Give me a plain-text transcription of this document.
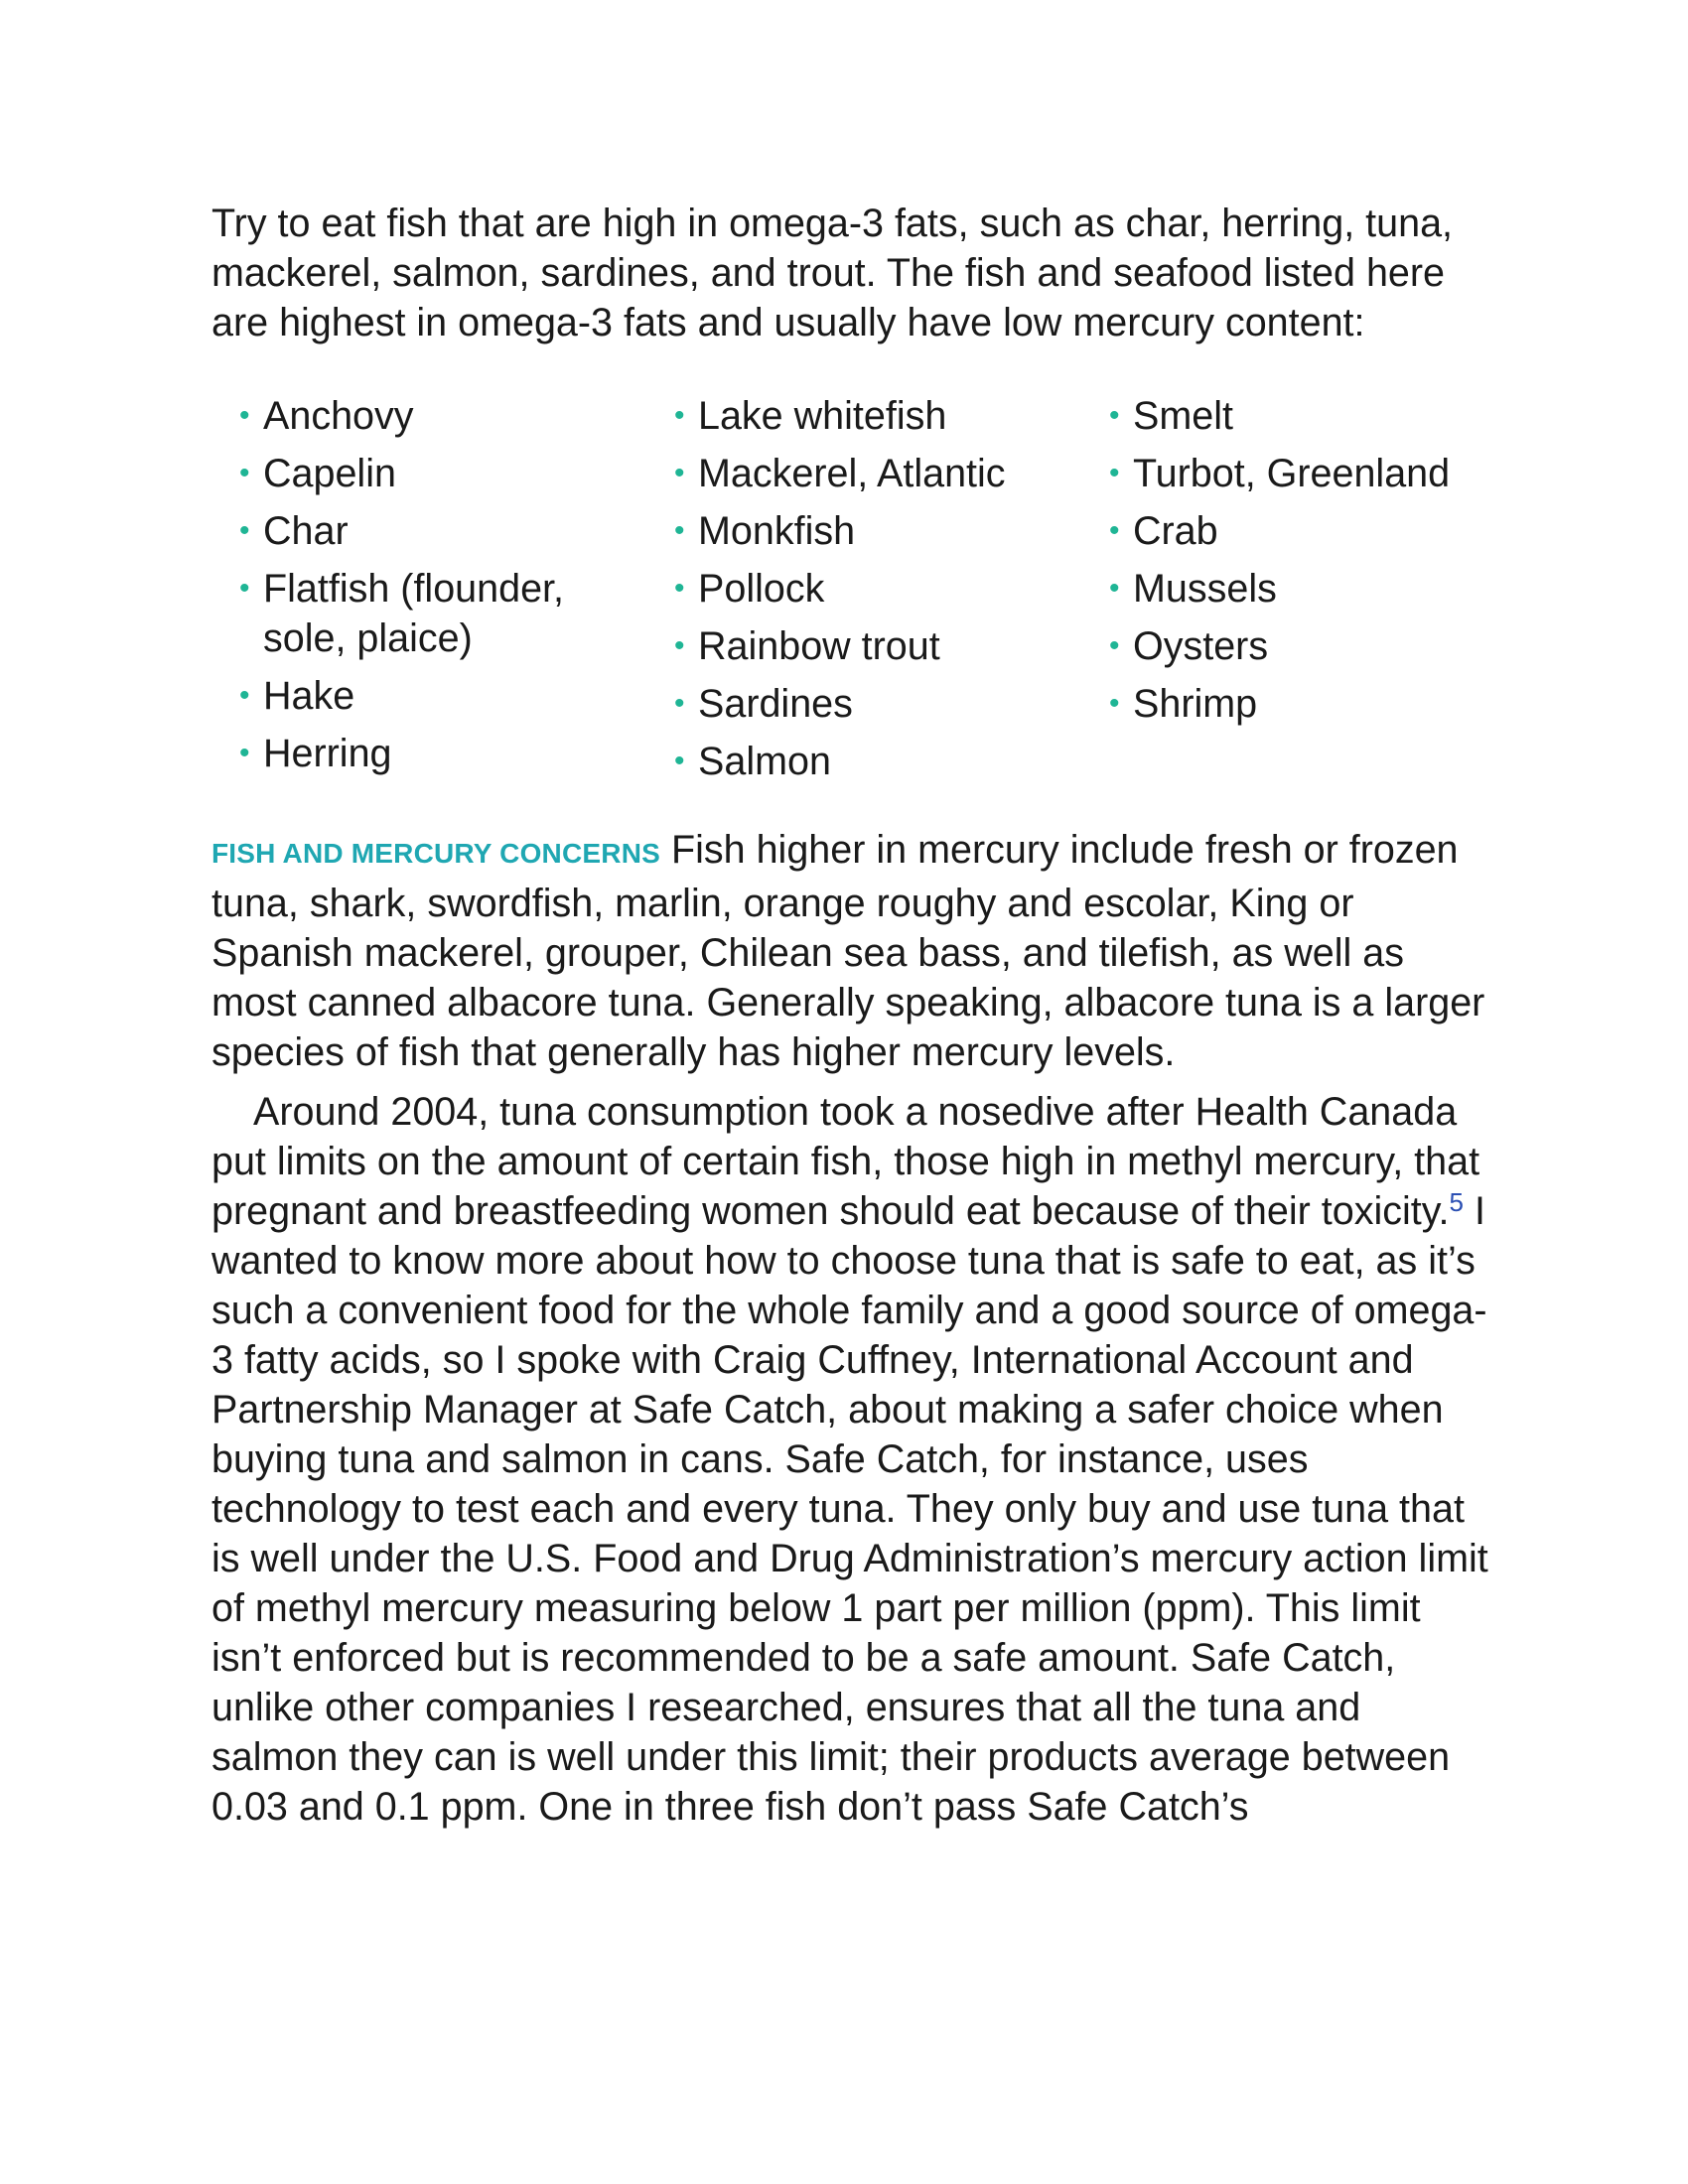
Try to eat fish that are high in omega-3 fats, such as char, herring, tuna, mackerel, salmon, sardines, and trout. The fish and seafood listed here are highest in omega-3 fats and usually have low mercury content:

• Anchovy
• Capelin
• Char
• Flatfish (flounder, sole, plaice)
• Hake
• Herring
• Lake whitefish
• Mackerel, Atlantic
• Monkfish
• Pollock
• Rainbow trout
• Sardines
• Salmon
• Smelt
• Turbot, Greenland
• Crab
• Mussels
• Oysters
• Shrimp

FISH AND MERCURY CONCERNS Fish higher in mercury include fresh or frozen tuna, shark, swordfish, marlin, orange roughy and escolar, King or Spanish mackerel, grouper, Chilean sea bass, and tilefish, as well as most canned albacore tuna. Generally speaking, albacore tuna is a larger species of fish that generally has higher mercury levels.

Around 2004, tuna consumption took a nosedive after Health Canada put limits on the amount of certain fish, those high in methyl mercury, that pregnant and breastfeeding women should eat because of their toxicity.$^5$ I wanted to know more about how to choose tuna that is safe to eat, as it’s such a convenient food for the whole family and a good source of omega-3 fatty acids, so I spoke with Craig Cuffney, International Account and Partnership Manager at Safe Catch, about making a safer choice when buying tuna and salmon in cans. Safe Catch, for instance, uses technology to test each and every tuna. They only buy and use tuna that is well under the U.S. Food and Drug Administration’s mercury action limit of methyl mercury measuring below 1 part per million (ppm). This limit isn’t enforced but is recommended to be a safe amount. Safe Catch, unlike other companies I researched, ensures that all the tuna and salmon they can is well under this limit; their products average between 0.03 and 0.1 ppm. One in three fish don’t pass Safe Catch’s
